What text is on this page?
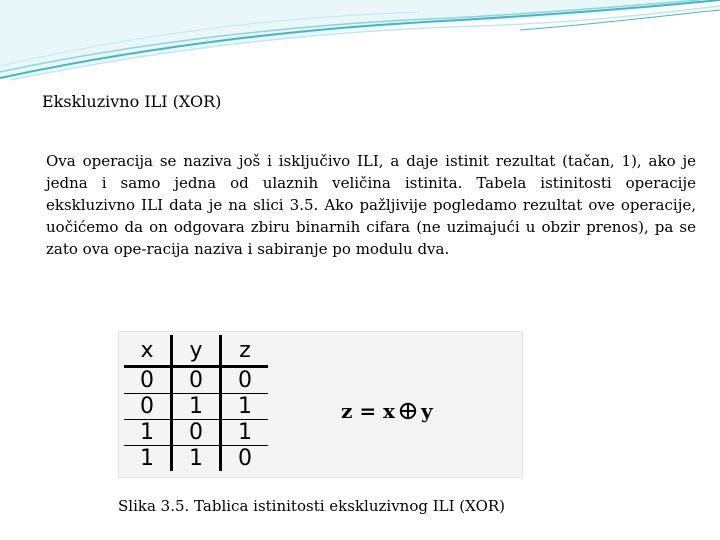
Ekskluzivno ILI (XOR)
Ova operacija se naziva još i isključivo ILI, a daje istinit rezultat (tačan, 1), ako je jedna i samo jedna od ulaznih veličina istinita. Tabela istinitosti operacije ekskluzivno ILI data je na slici 3.5. Ako pažljivije pogledamo rezultat ove operacije, uočićemo da on odgovara zbiru binarnih cifara (ne uzimajući u obzir prenos), pa se zato ova ope-racija naziva i sabiranje po modulu dva.
x	y	z
0	0	0
0	1	1
1	0	1
1	1	0
z = x y
Slika 3.5. Tablica istinitosti ekskluzivnog ILI (XOR)
